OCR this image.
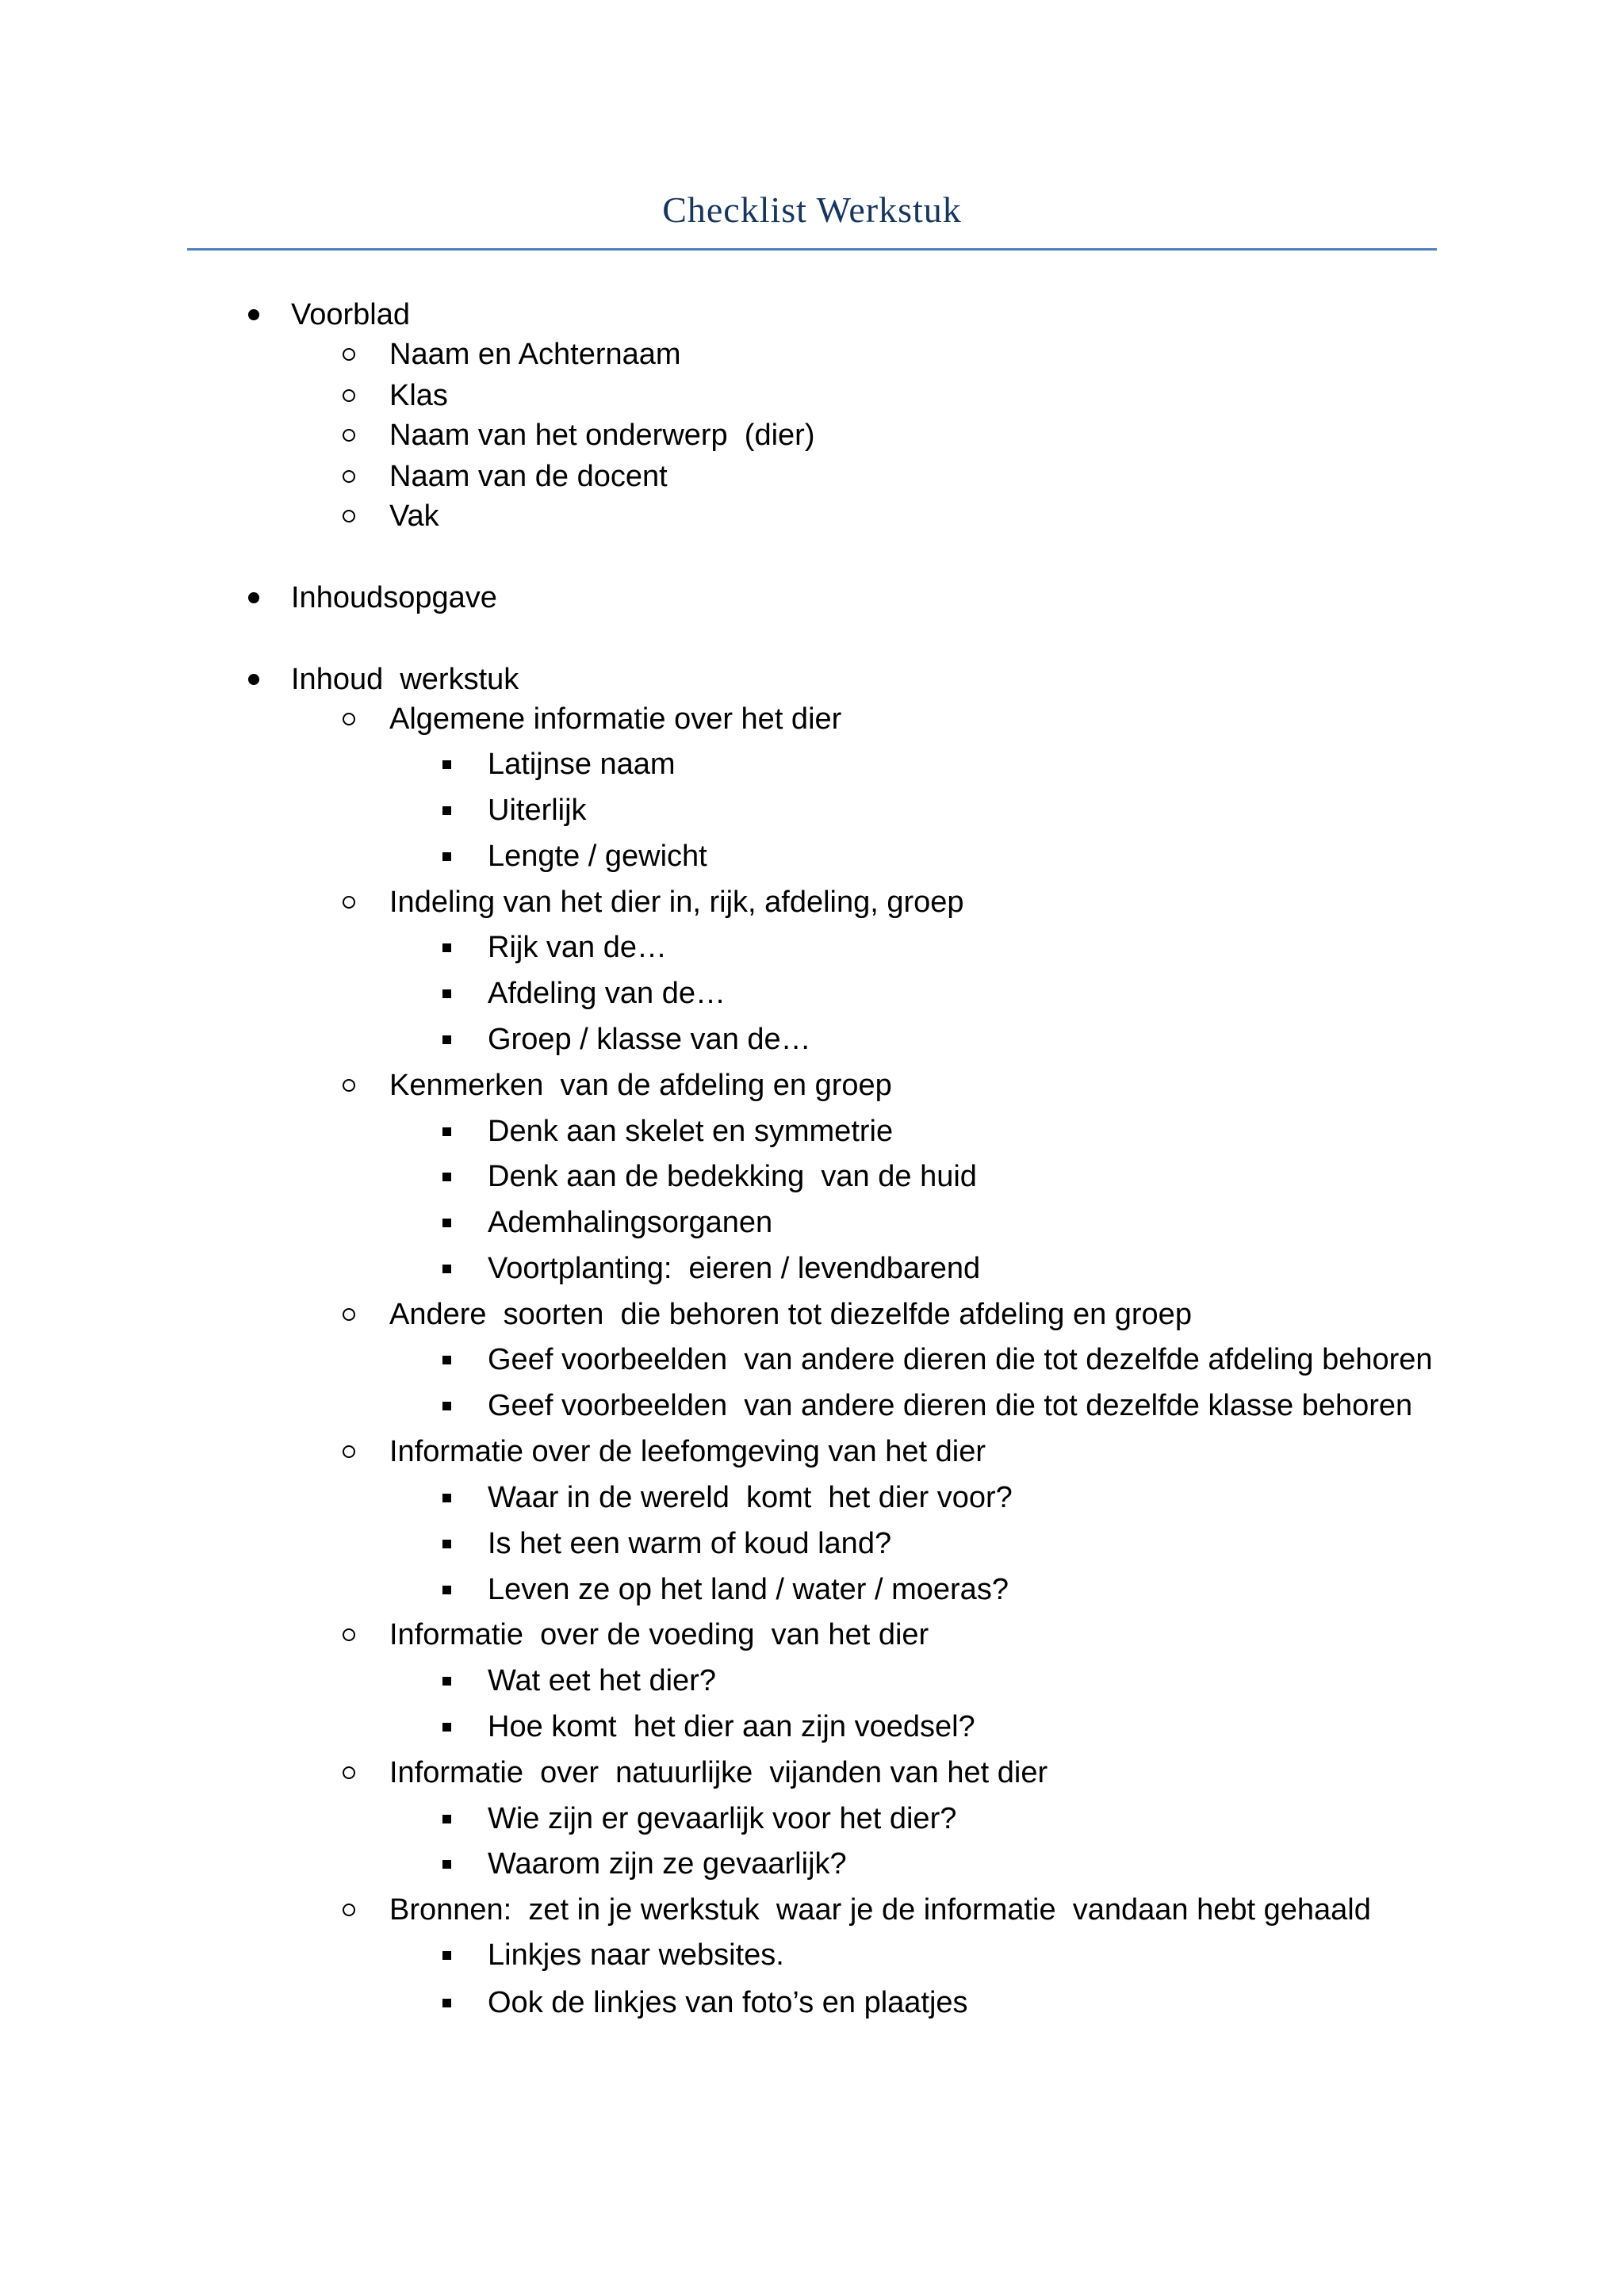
Checklist Werkstuk
Voorblad
Naam en Achternaam
Klas
Naam van het onderwerp  (dier)
Naam van de docent
Vak
Inhoudsopgave
Inhoud  werkstuk
Algemene informatie over het dier
Latijnse naam
Uiterlijk
Lengte / gewicht
Indeling van het dier in, rijk, afdeling, groep
Rijk van de…
Afdeling van de…
Groep / klasse van de…
Kenmerken  van de afdeling en groep
Denk aan skelet en symmetrie
Denk aan de bedekking  van de huid
Ademhalingsorganen
Voortplanting:  eieren / levendbarend
Andere  soorten  die behoren tot diezelfde afdeling en groep
Geef voorbeelden  van andere dieren die tot dezelfde afdeling behoren
Geef voorbeelden  van andere dieren die tot dezelfde klasse behoren
Informatie over de leefomgeving van het dier
Waar in de wereld  komt  het dier voor?
Is het een warm of koud land?
Leven ze op het land / water / moeras?
Informatie  over de voeding  van het dier
Wat eet het dier?
Hoe komt  het dier aan zijn voedsel?
Informatie  over  natuurlijke  vijanden van het dier
Wie zijn er gevaarlijk voor het dier?
Waarom zijn ze gevaarlijk?
Bronnen:  zet in je werkstuk  waar je de informatie  vandaan hebt gehaald
Linkjes naar websites.
Ook de linkjes van foto’s en plaatjes
